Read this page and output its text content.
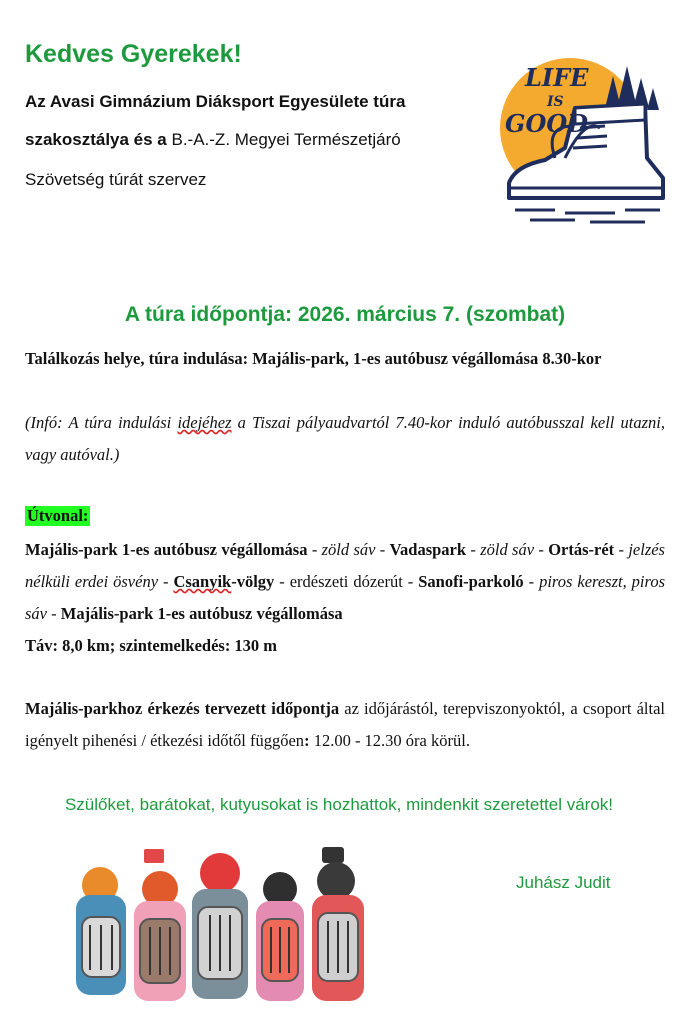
Kedves Gyerekek!
Az Avasi Gimnázium Diáksport Egyesülete túra
szakosztálya és a B.-A.-Z. Megyei Természetjáró
Szövetség túrát szervez
LIFE
IS
GOOD
A túra időpontja: 2026. március 7. (szombat)
Találkozás helye, túra indulása: Majális-park, 1-es autóbusz végállomása 8.30-kor
(Infó: A túra indulási idejéhez a Tiszai pályaudvartól 7.40-kor induló autóbusszal kell utazni, vagy autóval.)
Útvonal:
Majális-park 1-es autóbusz végállomása - zöld sáv - Vadaspark - zöld sáv - Ortás-rét - jelzés nélküli erdei ösvény - Csanyik-völgy - erdészeti dózerút - Sanofi-parkoló - piros kereszt, piros sáv - Majális-park 1-es autóbusz végállomása
Táv: 8,0 km; szintemelkedés: 130 m
Majális-parkhoz érkezés tervezett időpontja az időjárástól, terepviszonyoktól, a csoport által igényelt pihenési / étkezési időtől függően: 12.00 - 12.30 óra körül.
Szülőket, barátokat, kutyusokat is hozhattok, mindenkit szeretettel várok!
Juhász Judit
